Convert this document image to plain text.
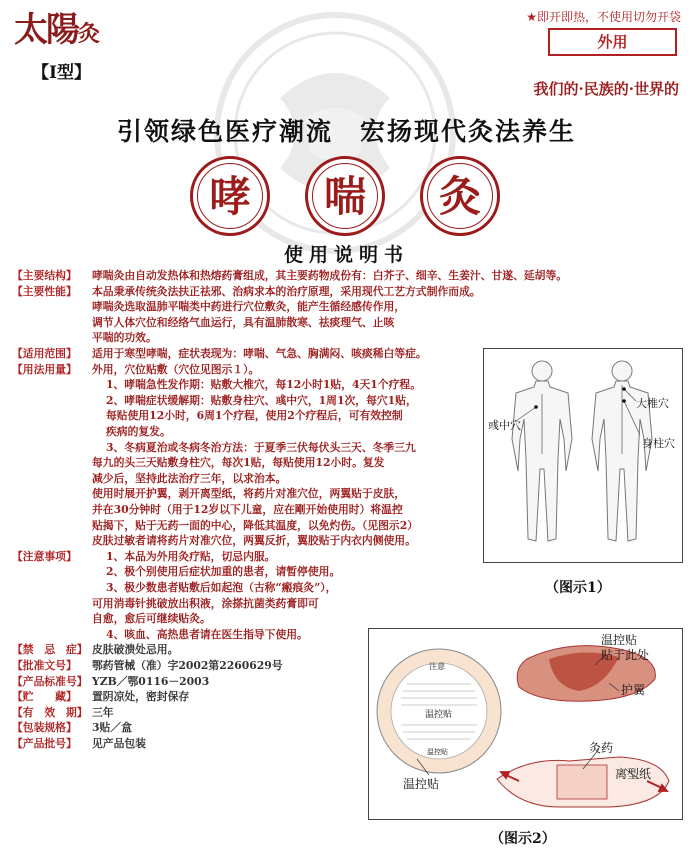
太陽灸
【Ⅰ型】
★即开即热，不使用切勿开袋
外用
我们的·民族的·世界的
引领绿色医疗潮流　宏扬现代灸法养生
哮	喘	灸
使用说明书
【主要结构】 哮喘灸由自动发热体和热熔药膏组成，其主要药物成份有：白芥子、细辛、生姜汁、甘遂、延胡等。
【主要性能】 本品秉承传统灸法扶正祛邪、治病求本的治疗原理，采用现代工艺方式制作而成。
哮喘灸选取温肺平喘类中药进行穴位敷灸，能产生循经感传作用，
调节人体穴位和经络气血运行，具有温肺散寒、祛痰理气、止咳
平喘的功效。
【适用范围】 适用于寒型哮喘，症状表现为：哮喘、气急、胸满闷、咳痰稀白等症。
【用法用量】 外用，穴位贴敷（穴位见图示１）。
1、哮喘急性发作期：贴敷大椎穴，每12小时1贴，4天1个疗程。
2、哮喘症状缓解期：贴敷身柱穴、彧中穴，1周1次，每穴1贴，
每贴使用12小时，6周1个疗程，使用2个疗程后，可有效控制
疾病的复发。
3、冬病夏治或冬病冬治方法：于夏季三伏每伏头三天、冬季三九
每九的头三天贴敷身柱穴，每次1贴，每贴使用12小时。复发
减少后，坚持此法治疗三年，以求治本。
使用时展开护翼，剥开离型纸，将药片对准穴位，两翼贴于皮肤，
并在30分钟时（用于12岁以下儿童，应在剛开始使用时）将温控
贴揭下，贴于无药一面的中心，降低其温度，以免灼伤。（见图示2）
皮肤过敏者请将药片对准穴位，两翼反折，翼胶贴于内衣内侧使用。
【注意事项】	1、本品为外用灸疗贴，切忌内服。
2、极个别使用后症状加重的患者，请暂停使用。
3、极少数患者贴敷后如起泡（古称“瘢痕灸”），
可用消毒针挑破放出积液，涂搽抗菌类药膏即可
自愈，愈后可继续贴灸。
4、咳血、高热患者请在医生指导下使用。
【禁　忌　症】 皮肤破溃处忌用。
【批准文号】 鄂药管械（准）字2002第2260629号
【产品标准号】 YZB／鄂0116－2003
【贮　　藏】 置阴凉处，密封保存
【有　效　期】 三年
【包装规格】 3贴／盒
【产品批号】 见产品包装
彧中穴
大椎穴
身柱穴
（图示1）
温控贴
贴于此处
护翼
灸药
离型纸
温控贴
注意
温控贴
温控贴
（图示2）
